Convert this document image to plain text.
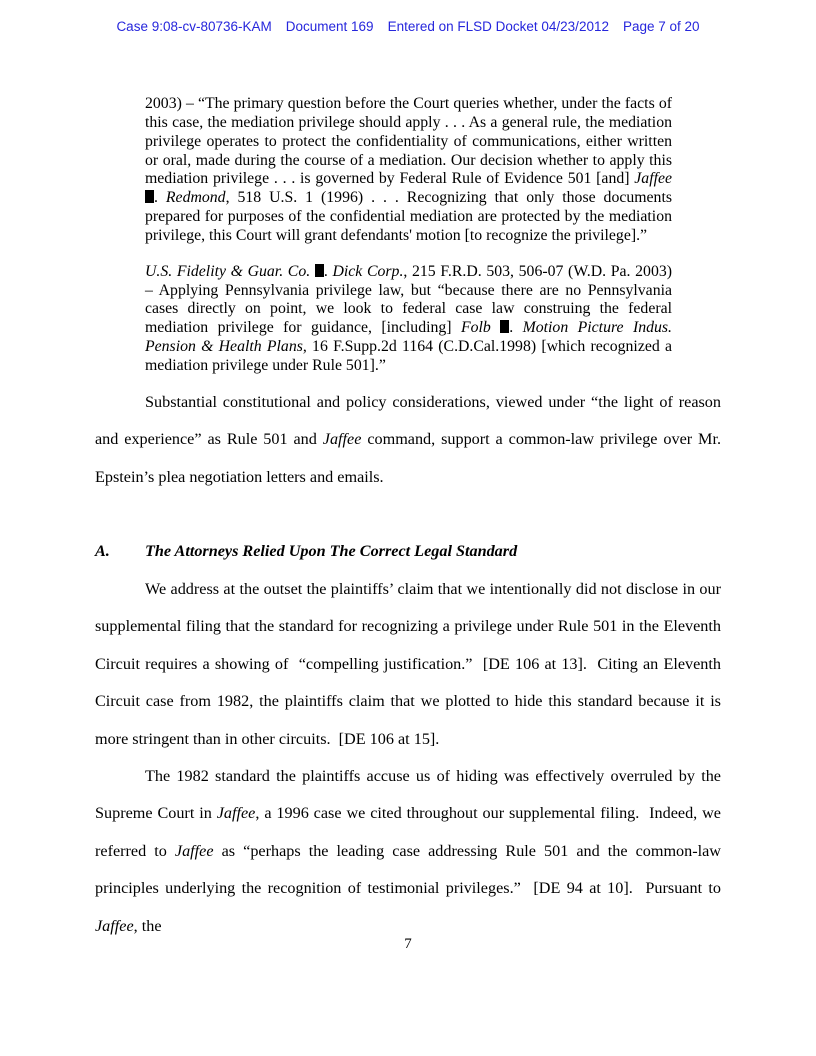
Case 9:08-cv-80736-KAM Document 169 Entered on FLSD Docket 04/23/2012 Page 7 of 20
2003) – “The primary question before the Court queries whether, under the facts of this case, the mediation privilege should apply . . . As a general rule, the mediation privilege operates to protect the confidentiality of communications, either written or oral, made during the course of a mediation. Our decision whether to apply this mediation privilege . . . is governed by Federal Rule of Evidence 501 [and] Jaffee . Redmond, 518 U.S. 1 (1996) . . . Recognizing that only those documents prepared for purposes of the confidential mediation are protected by the mediation privilege, this Court will grant defendants' motion [to recognize the privilege].”
U.S. Fidelity & Guar. Co. . Dick Corp., 215 F.R.D. 503, 506-07 (W.D. Pa. 2003) – Applying Pennsylvania privilege law, but “because there are no Pennsylvania cases directly on point, we look to federal case law construing the federal mediation privilege for guidance, [including] Folb . Motion Picture Indus. Pension & Health Plans, 16 F.Supp.2d 1164 (C.D.Cal.1998) [which recognized a mediation privilege under Rule 501].”

Substantial constitutional and policy considerations, viewed under “the light of reason and experience” as Rule 501 and Jaffee command, support a common-law privilege over Mr. Epstein’s plea negotiation letters and emails.

A.	The Attorneys Relied Upon The Correct Legal Standard

We address at the outset the plaintiffs’ claim that we intentionally did not disclose in our supplemental filing that the standard for recognizing a privilege under Rule 501 in the Eleventh Circuit requires a showing of  “compelling justification.”  [DE 106 at 13].  Citing an Eleventh Circuit case from 1982, the plaintiffs claim that we plotted to hide this standard because it is more stringent than in other circuits.  [DE 106 at 15].

The 1982 standard the plaintiffs accuse us of hiding was effectively overruled by the Supreme Court in Jaffee, a 1996 case we cited throughout our supplemental filing.  Indeed, we referred to Jaffee as “perhaps the leading case addressing Rule 501 and the common-law principles underlying the recognition of testimonial privileges.”  [DE 94 at 10].  Pursuant to Jaffee, the

7
